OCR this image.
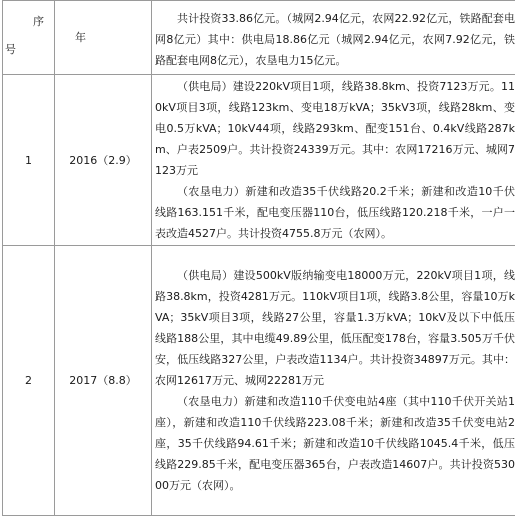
序
号	年	共计投资33.86亿元。（城网2.94亿元，农网22.92亿元，铁路配套电网8亿元）其中：供电局18.86亿元（城网2.94亿元，农网7.92亿元，铁路配套电网8亿元），农垦电力15亿元。

1	2016（2.9）	（供电局）建设220kV项目1项，线路38.8km、投资7123万元。110kV项目3项，线路123km、变电18万kVA；35kV3项，线路28km、变电0.5万kVA；10kV44项，线路293km、配变151台、0.4kV线路287km、户表2509户。共计投资24339万元。其中：农网17216万元、城网7123万元

（农垦电力）新建和改造35千伏线路20.2千米；新建和改造10千伏线路163.151千米，配电变压器110台，低压线路120.218千米，一户一表改造4527户。共计投资4755.8万元（农网）。

2	2017（8.8）	（供电局）建设500kV版纳输变电18000万元，220kV项目1项，线路38.8km，投资4281万元。110kV项目1项，线路3.8公里，容量10万kVA；35kV项目3项，线路27公里，容量1.3万kVA；10kV及以下中低压线路188公里，其中电缆49.89公里，低压配变178台，容量3.505万千伏安，低压线路327公里，户表改造1134户。共计投资34897万元。其中：农网12617万元、城网22281万元

（农垦电力）新建和改造110千伏变电站4座（其中110千伏开关站1座），新建和改造110千伏线路223.08千米；新建和改造35千伏变电站2座，35千伏线路94.61千米；新建和改造10千伏线路1045.4千米，低压线路229.85千米，配电变压器365台，户表改造14607户。共计投资53000万元（农网）。
